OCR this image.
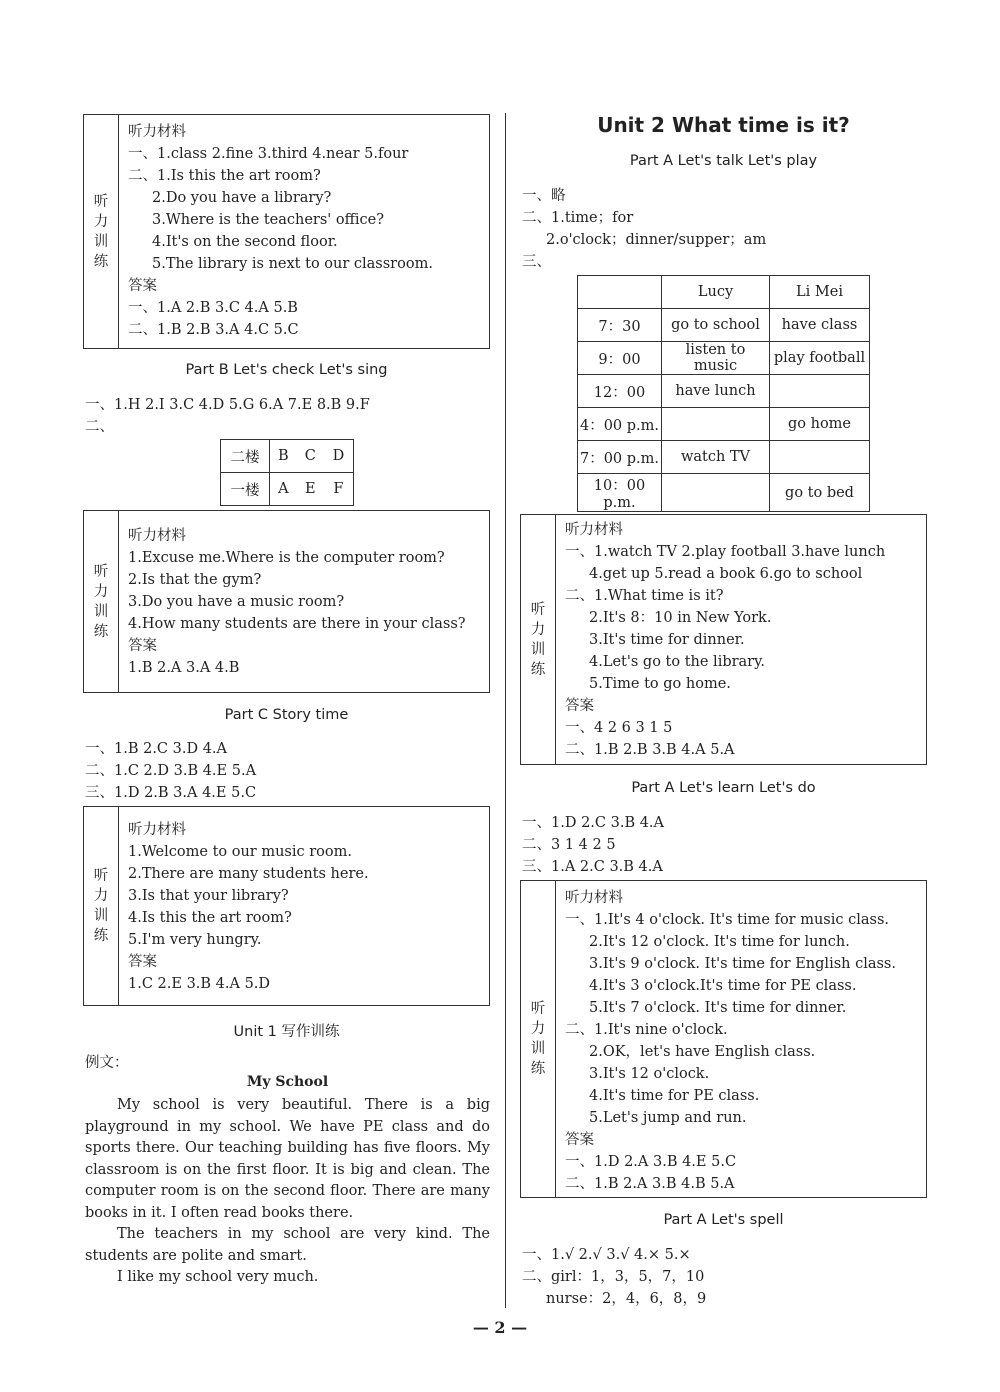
听
力
训
练
听力材料
一、1.class 2.fine 3.third 4.near 5.four
二、1.Is this the art room?
2.Do you have a library?
3.Where is the teachers' office?
4.It's on the second floor.
5.The library is next to our classroom.
答案
一、1.A 2.B 3.C 4.A 5.B
二、1.B 2.B 3.A 4.C 5.C
Part B Let's check Let's sing
一、1.H 2.I 3.C 4.D 5.G 6.A 7.E 8.B 9.F
二、
二楼	B	C	D
一楼	A	E	F
听
力
训
练
听力材料
1.Excuse me.Where is the computer room?
2.Is that the gym?
3.Do you have a music room?
4.How many students are there in your class?
答案
1.B 2.A 3.A 4.B
Part C Story time
一、1.B 2.C 3.D 4.A
二、1.C 2.D 3.B 4.E 5.A
三、1.D 2.B 3.A 4.E 5.C
听
力
训
练
听力材料
1.Welcome to our music room.
2.There are many students here.
3.Is that your library?
4.Is this the art room?
5.I'm very hungry.
答案
1.C 2.E 3.B 4.A 5.D
Unit 1 写作训练
例文：
My School

My school is very beautiful. There is a big playground in my school. We have PE class and do sports there. Our teaching building has five floors. My classroom is on the first floor. It is big and clean. The computer room is on the second floor. There are many books in it. I often read books there.

The teachers in my school are very kind. The students are polite and smart.

I like my school very much.

Unit 2 What time is it?
Part A Let's talk Let's play
一、略
二、1.time；for
2.o'clock；dinner/supper；am
三、
	Lucy	Li Mei
7：30	go to school	have class
9：00	listen to music	play football
12：00	have lunch	
4：00 p.m.		go home
7：00 p.m.	watch TV	
10：00 p.m.		go to bed
听
力
训
练
听力材料
一、1.watch TV 2.play football 3.have lunch
4.get up 5.read a book 6.go to school
二、1.What time is it?
2.It's 8：10 in New York.
3.It's time for dinner.
4.Let's go to the library.
5.Time to go home.
答案
一、4 2 6 3 1 5
二、1.B 2.B 3.B 4.A 5.A
Part A Let's learn Let's do
一、1.D 2.C 3.B 4.A
二、3 1 4 2 5
三、1.A 2.C 3.B 4.A
听
力
训
练
听力材料
一、1.It's 4 o'clock. It's time for music class.
2.It's 12 o'clock. It's time for lunch.
3.It's 9 o'clock. It's time for English class.
4.It's 3 o'clock.It's time for PE class.
5.It's 7 o'clock. It's time for dinner.
二、1.It's nine o'clock.
2.OK，let's have English class.
3.It's 12 o'clock.
4.It's time for PE class.
5.Let's jump and run.
答案
一、1.D 2.A 3.B 4.E 5.C
二、1.B 2.A 3.B 4.B 5.A
Part A Let's spell
一、1.√ 2.√ 3.√ 4.× 5.×
二、girl：1，3，5，7，10
nurse：2，4，6，8，9
— 2 —
